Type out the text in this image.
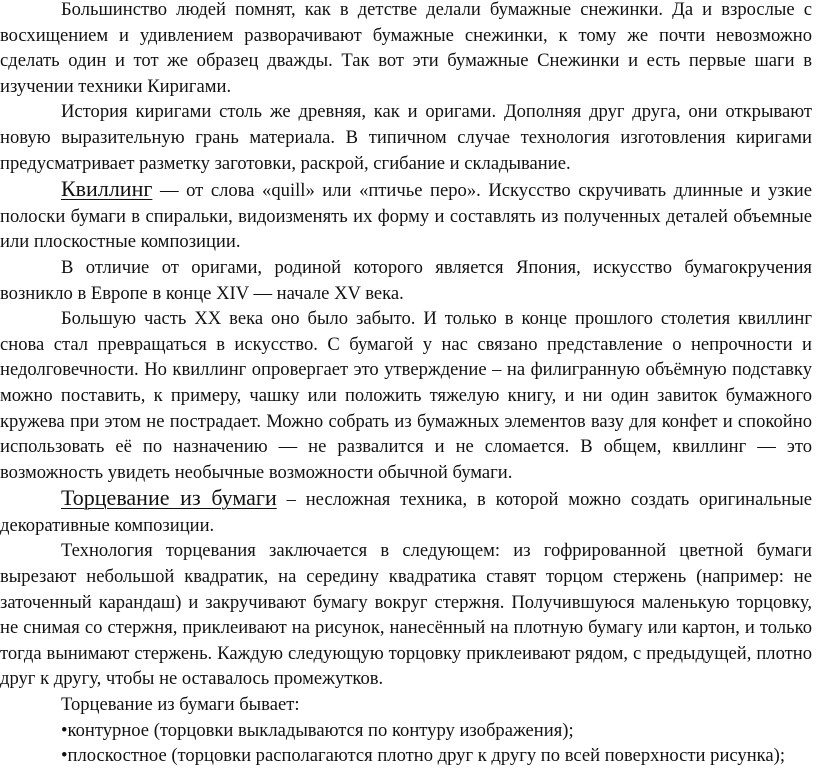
Большинство людей помнят, как в детстве делали бумажные снежинки. Да и взрослые с восхищением и удивлением разворачивают бумажные снежинки, к тому же почти невозможно сделать один и тот же образец дважды. Так вот эти бумажные Снежинки и есть первые шаги в изучении техники Киригами.

История киригами столь же древняя, как и оригами. Дополняя друг друга, они открывают новую выразительную грань материала. В типичном случае технология изготовления киригами предусматривает разметку заготовки, раскрой, сгибание и складывание.

Квиллинг — от слова «quill» или «птичье перо». Искусство скручивать длинные и узкие полоски бумаги в спиральки, видоизменять их форму и составлять из полученных деталей объемные или плоскостные композиции.

В отличие от оригами, родиной которого является Япония, искусство бумагокручения возникло в Европе в конце XIV — начале XV века.

Большую часть XX века оно было забыто. И только в конце прошлого столетия квиллинг снова стал превращаться в искусство. С бумагой у нас связано представление о непрочности и недолговечности. Но квиллинг опровергает это утверждение – на филигранную объёмную подставку можно поставить, к примеру, чашку или положить тяжелую книгу, и ни один завиток бумажного кружева при этом не пострадает. Можно собрать из бумажных элементов вазу для конфет и спокойно использовать её по назначению — не развалится и не сломается. В общем, квиллинг — это возможность увидеть необычные возможности обычной бумаги.

Торцевание из бумаги – несложная техника, в которой можно создать оригинальные декоративные композиции.

Технология торцевания заключается в следующем: из гофрированной цветной бумаги вырезают небольшой квадратик, на середину квадратика ставят торцом стержень (например: не заточенный карандаш) и закручивают бумагу вокруг стержня. Получившуюся маленькую торцовку, не снимая со стержня, приклеивают на рисунок, нанесённый на плотную бумагу или картон, и только тогда вынимают стержень. Каждую следующую торцовку приклеивают рядом, с предыдущей, плотно друг к другу, чтобы не оставалось промежутков.

Торцевание из бумаги бывает:

•контурное (торцовки выкладываются по контуру изображения);

•плоскостное (торцовки располагаются плотно друг к другу по всей поверхности рисунка);
